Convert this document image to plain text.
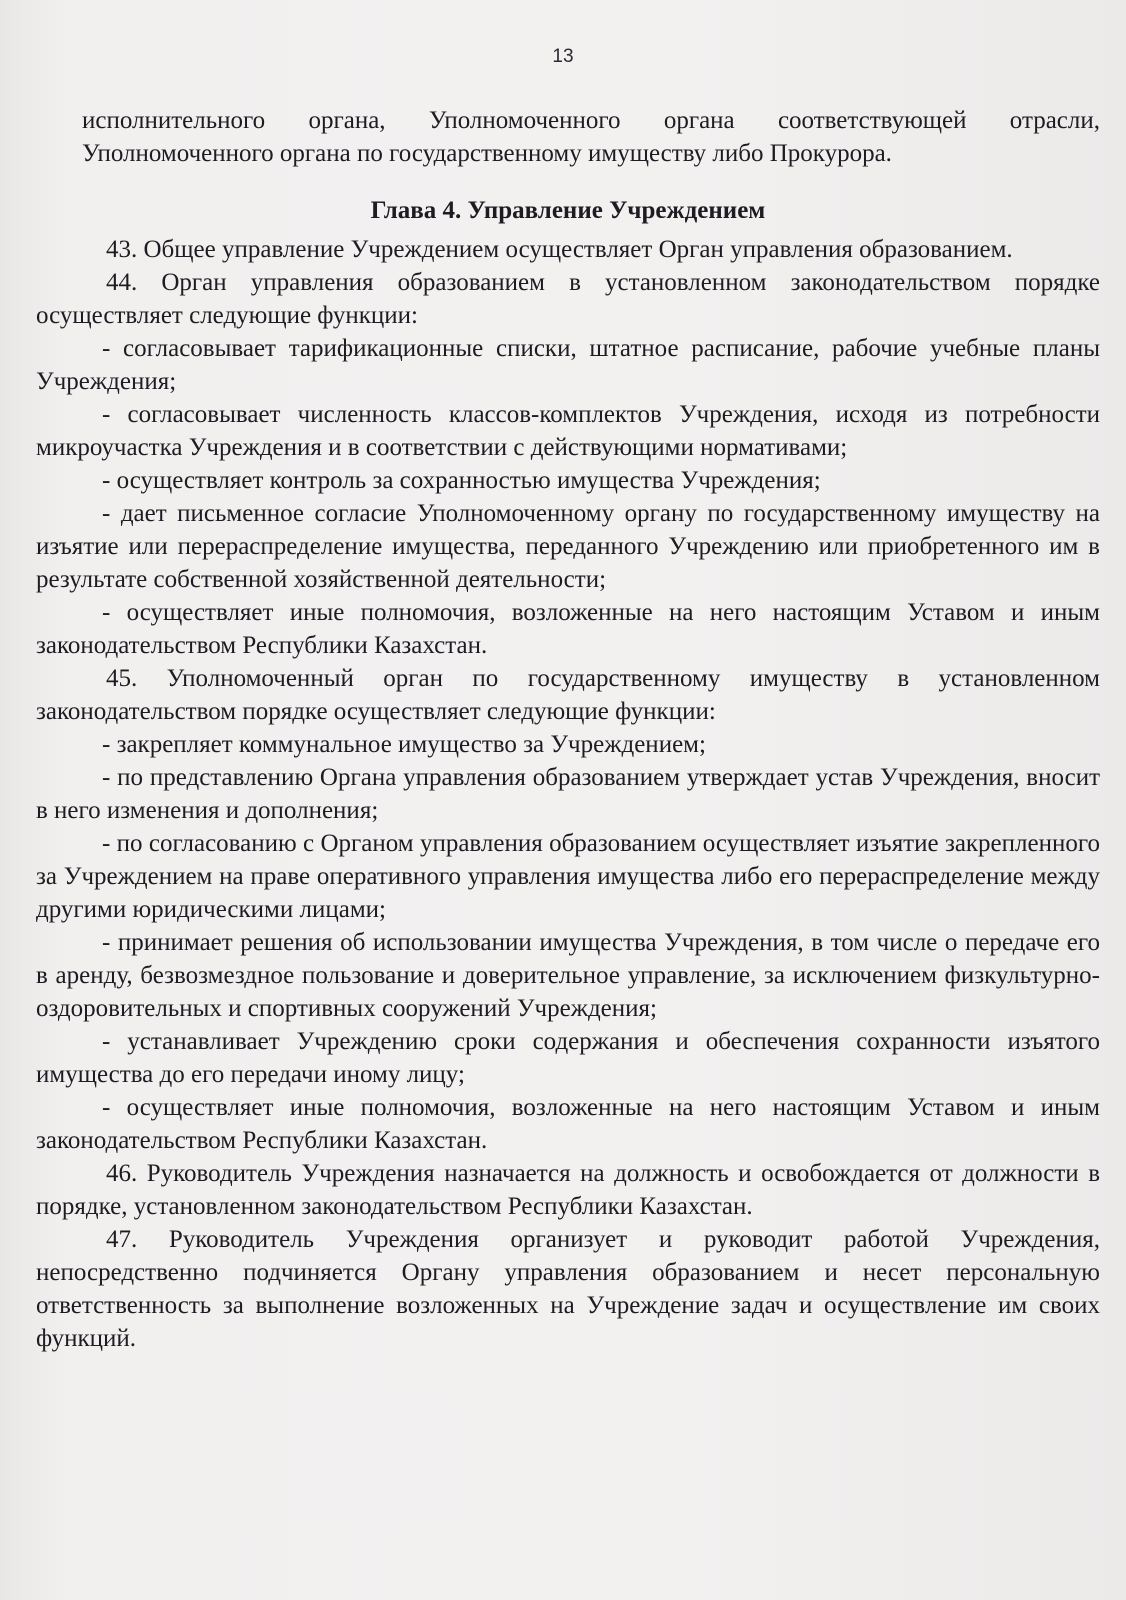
13

исполнительного органа, Уполномоченного органа соответствующей отрасли, Уполномоченного органа по государственному имуществу либо Прокурора.

Глава 4. Управление Учреждением

43. Общее управление Учреждением осуществляет Орган управления образованием.

44. Орган управления образованием в установленном законодательством порядке осуществляет следующие функции:

- согласовывает тарификационные списки, штатное расписание, рабочие учебные планы Учреждения;

- согласовывает численность классов-комплектов Учреждения, исходя из потребности микроучастка Учреждения и в соответствии с действующими нормативами;

- осуществляет контроль за сохранностью имущества Учреждения;

- дает письменное согласие Уполномоченному органу по государственному имуществу на изъятие или перераспределение имущества, переданного Учреждению или приобретенного им в результате собственной хозяйственной деятельности;

- осуществляет иные полномочия, возложенные на него настоящим Уставом и иным законодательством Республики Казахстан.

45. Уполномоченный орган по государственному имуществу в установленном законодательством порядке осуществляет следующие функции:

- закрепляет коммунальное имущество за Учреждением;

- по представлению Органа управления образованием утверждает устав Учреждения, вносит в него изменения и дополнения;

- по согласованию с Органом управления образованием осуществляет изъятие закрепленного за Учреждением на праве оперативного управления имущества либо его перераспределение между другими юридическими лицами;

- принимает решения об использовании имущества Учреждения, в том числе о передаче его в аренду, безвозмездное пользование и доверительное управление, за исключением физкультурно-оздоровительных и спортивных сооружений Учреждения;

- устанавливает Учреждению сроки содержания и обеспечения сохранности изъятого имущества до его передачи иному лицу;

- осуществляет иные полномочия, возложенные на него настоящим Уставом и иным законодательством Республики Казахстан.

46. Руководитель Учреждения назначается на должность и освобождается от должности в порядке, установленном законодательством Республики Казахстан.

47. Руководитель Учреждения организует и руководит работой Учреждения, непосредственно подчиняется Органу управления образованием и несет персональную ответственность за выполнение возложенных на Учреждение задач и осуществление им своих функций.
